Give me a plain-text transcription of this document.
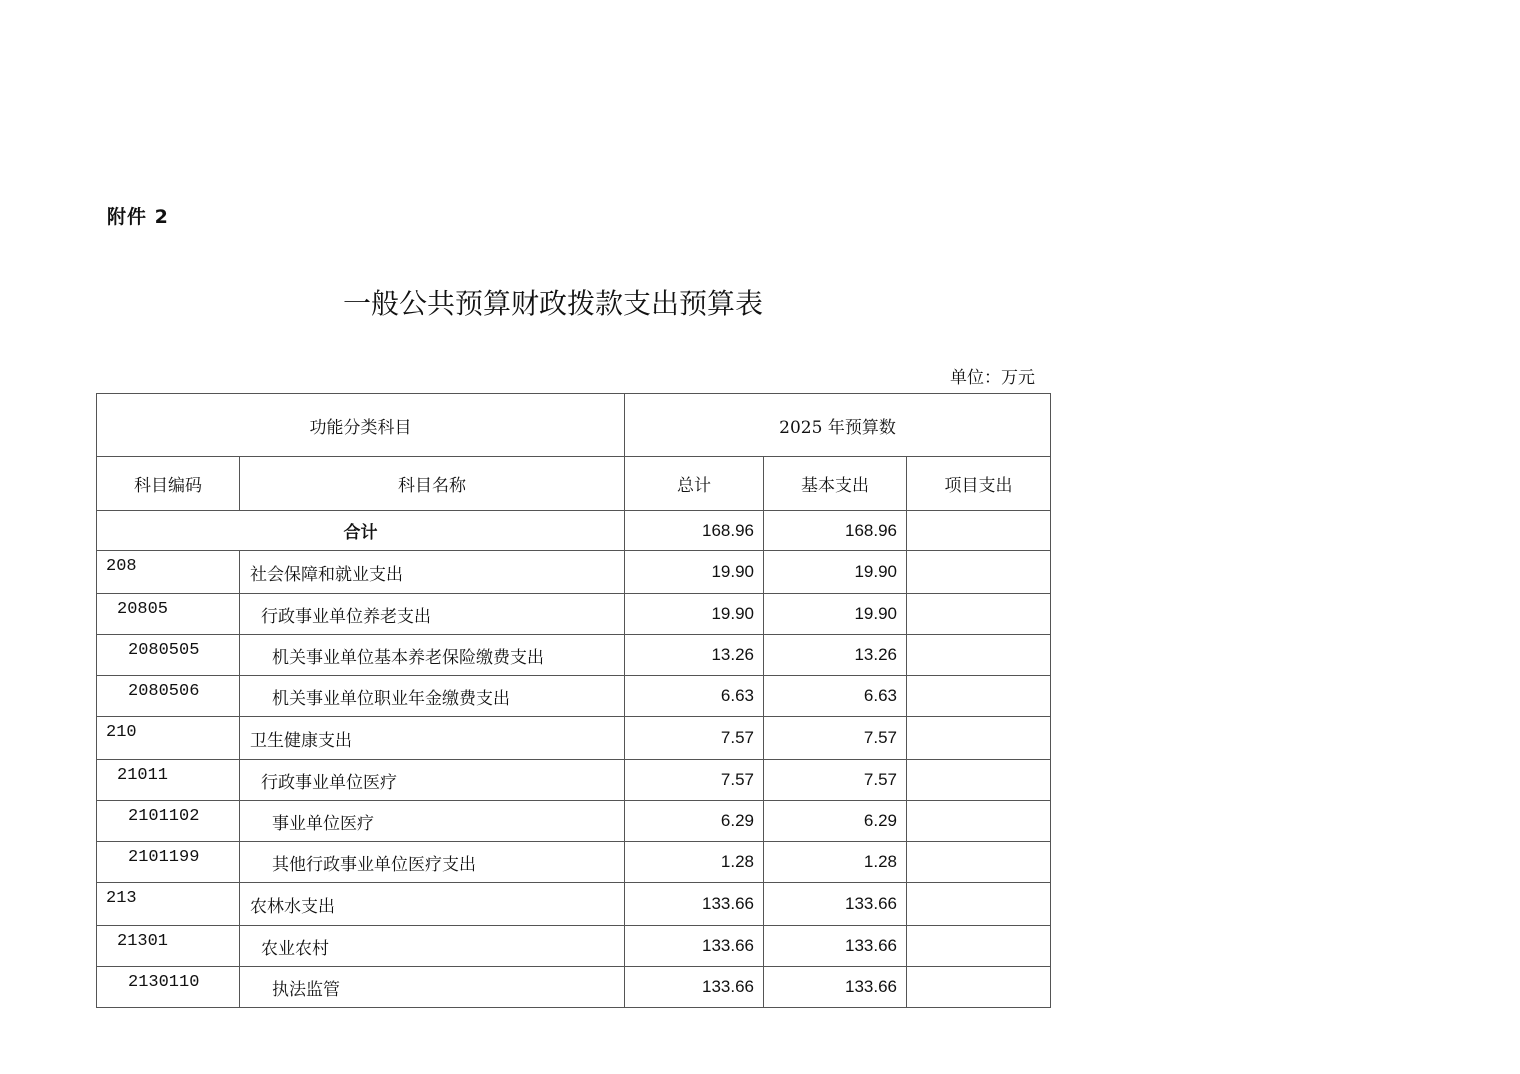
附件 2
一般公共预算财政拨款支出预算表
单位：万元
功能分类科目		2025 年预算数		
科目编码	科目名称	总计	基本支出	项目支出
合计		168.96	168.96	
208	社会保障和就业支出	19.90	19.90	
20805	行政事业单位养老支出	19.90	19.90	
2080505	机关事业单位基本养老保险缴费支出	13.26	13.26	
2080506	机关事业单位职业年金缴费支出	6.63	6.63	
210	卫生健康支出	7.57	7.57	
21011	行政事业单位医疗	7.57	7.57	
2101102	事业单位医疗	6.29	6.29	
2101199	其他行政事业单位医疗支出	1.28	1.28	
213	农林水支出	133.66	133.66	
21301	农业农村	133.66	133.66	
2130110	执法监管	133.66	133.66	
